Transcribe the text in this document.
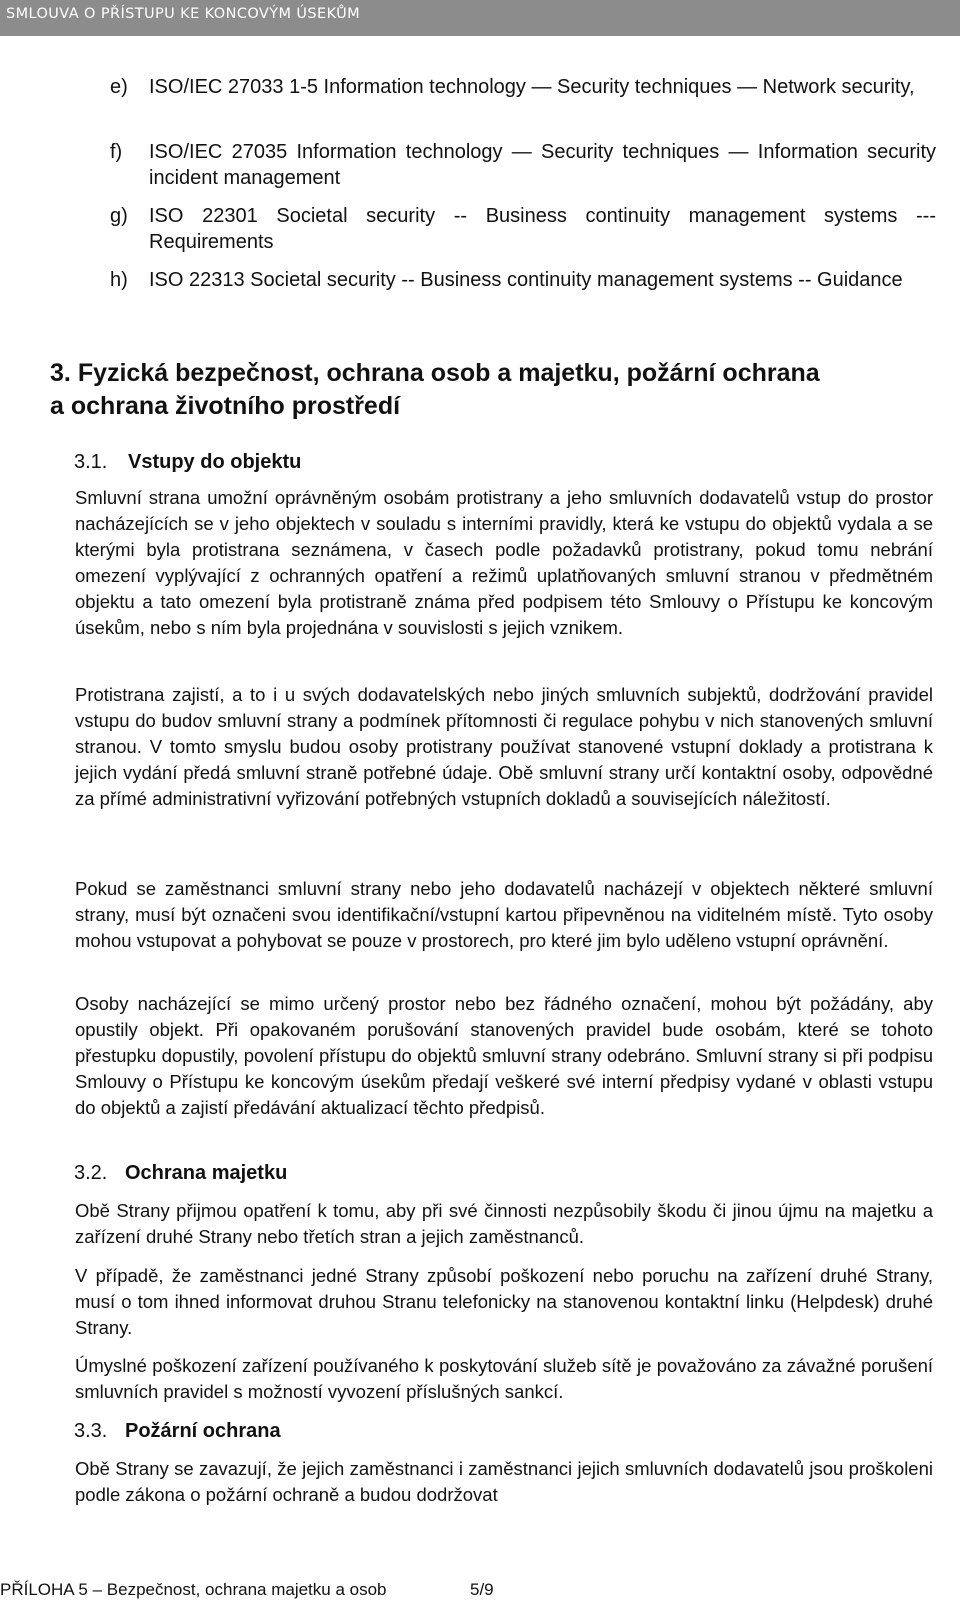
SMLOUVA O PŘÍSTUPU KE KONCOVÝM ÚSEKŮM
e) ISO/IEC 27033 1-5 Information technology — Security techniques — Network security,
f) ISO/IEC 27035 Information technology — Security techniques — Information security incident management
g) ISO 22301 Societal security -- Business continuity management systems --- Requirements
h) ISO 22313 Societal security -- Business continuity management systems -- Guidance
3. Fyzická bezpečnost, ochrana osob a majetku, požární ochrana
a ochrana životního prostředí
3.1. Vstupy do objektu
Smluvní strana umožní oprávněným osobám protistrany a jeho smluvních dodavatelů vstup do prostor nacházejících se v jeho objektech v souladu s interními pravidly, která ke vstupu do objektů vydala a se kterými byla protistrana seznámena, v časech podle požadavků protistrany, pokud tomu nebrání omezení vyplývající z ochranných opatření a režimů uplatňovaných smluvní stranou v předmětném objektu a tato omezení byla protistraně známa před podpisem této Smlouvy o Přístupu ke koncovým úsekům, nebo s ním byla projednána v souvislosti s jejich vznikem.
Protistrana zajistí, a to i u svých dodavatelských nebo jiných smluvních subjektů, dodržování pravidel vstupu do budov smluvní strany a podmínek přítomnosti či regulace pohybu v nich stanovených smluvní stranou. V tomto smyslu budou osoby protistrany používat stanovené vstupní doklady a protistrana k jejich vydání předá smluvní straně potřebné údaje. Obě smluvní strany určí kontaktní osoby, odpovědné za přímé administrativní vyřizování potřebných vstupních dokladů a souvisejících náležitostí.
Pokud se zaměstnanci smluvní strany nebo jeho dodavatelů nacházejí v objektech některé smluvní strany, musí být označeni svou identifikační/vstupní kartou připevněnou na viditelném místě. Tyto osoby mohou vstupovat a pohybovat se pouze v prostorech, pro které jim bylo uděleno vstupní oprávnění.
Osoby nacházející se mimo určený prostor nebo bez řádného označení, mohou být požádány, aby opustily objekt. Při opakovaném porušování stanovených pravidel bude osobám, které se tohoto přestupku dopustily, povolení přístupu do objektů smluvní strany odebráno. Smluvní strany si při podpisu Smlouvy o Přístupu ke koncovým úsekům předají veškeré své interní předpisy vydané v oblasti vstupu do objektů a zajistí předávání aktualizací těchto předpisů.
3.2. Ochrana majetku
Obě Strany přijmou opatření k tomu, aby při své činnosti nezpůsobily škodu či jinou újmu na majetku a zařízení druhé Strany nebo třetích stran a jejich zaměstnanců.
V případě, že zaměstnanci jedné Strany způsobí poškození nebo poruchu na zařízení druhé Strany, musí o tom ihned informovat druhou Stranu telefonicky na stanovenou kontaktní linku (Helpdesk) druhé Strany.
Úmyslné poškození zařízení používaného k poskytování služeb sítě je považováno za závažné porušení smluvních pravidel s možností vyvození příslušných sankcí.
3.3. Požární ochrana
Obě Strany se zavazují, že jejich zaměstnanci i zaměstnanci jejich smluvních dodavatelů jsou proškoleni podle zákona o požární ochraně a budou dodržovat
PŘÍLOHA 5 – Bezpečnost, ochrana majetku a osob	5/9
